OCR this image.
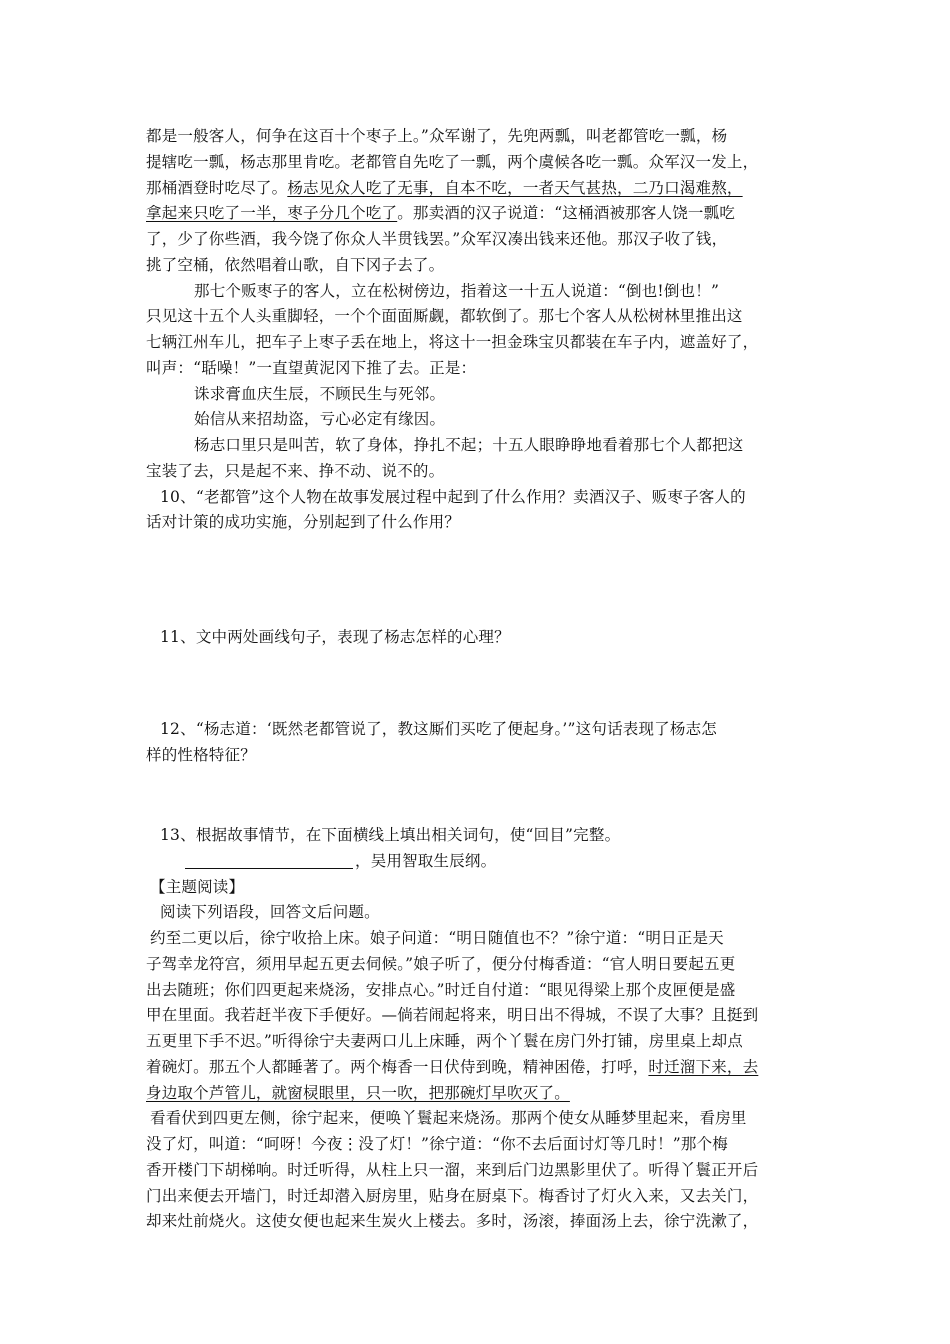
都是一般客人，何争在这百十个枣子上。”众军谢了，先兜两瓢，叫老都管吃一瓢，杨
提辖吃一瓢，杨志那里肯吃。老都管自先吃了一瓢，两个虞候各吃一瓢。众军汉一发上，
那桶酒登时吃尽了。杨志见众人吃了无事，自本不吃，一者天气甚热，二乃口渴难熬，
拿起来只吃了一半，枣子分几个吃了。那卖酒的汉子说道：“这桶酒被那客人饶一瓢吃
了，少了你些酒，我今饶了你众人半贯钱罢。”众军汉凑出钱来还他。那汉子收了钱，
挑了空桶，依然唱着山歌，自下冈子去了。
那七个贩枣子的客人，立在松树傍边，指着这一十五人说道：“倒也!倒也！”
只见这十五个人头重脚轻，一个个面面厮觑，都软倒了。那七个客人从松树林里推出这
七辆江州车儿，把车子上枣子丢在地上，将这十一担金珠宝贝都装在车子内，遮盖好了，
叫声：“聒噪！”一直望黄泥冈下推了去。正是：
诛求膏血庆生辰，不顾民生与死邻。
始信从来招劫盗，亏心必定有缘因。
杨志口里只是叫苦，软了身体，挣扎不起；十五人眼睁睁地看着那七个人都把这
宝装了去，只是起不来、挣不动、说不的。
10、“老都管”这个人物在故事发展过程中起到了什么作用？卖酒汉子、贩枣子客人的
话对计策的成功实施，分别起到了什么作用？
11、文中两处画线句子，表现了杨志怎样的心理？
12、“杨志道：‘既然老都管说了，教这厮们买吃了便起身。’”这句话表现了杨志怎
样的性格特征？
13、根据故事情节，在下面横线上填出相关词句，使“回目”完整。
，吴用智取生辰纲。
【主题阅读】
阅读下列语段，回答文后问题。
约至二更以后，徐宁收拾上床。娘子问道：“明日随值也不？”徐宁道：“明日正是天
子驾幸龙符宫，须用早起五更去伺候。”娘子听了，便分付梅香道：“官人明日要起五更
出去随班；你们四更起来烧汤，安排点心。”时迁自付道：“眼见得梁上那个皮匣便是盛
甲在里面。我若赶半夜下手便好。—倘若闹起将来，明日出不得城，不误了大事？且挺到
五更里下手不迟。”听得徐宁夫妻两口儿上床睡，两个丫鬟在房门外打铺，房里桌上却点
着碗灯。那五个人都睡著了。两个梅香一日伏侍到晚，精神困倦，打呼，时迁溜下来，去
身边取个芦管儿，就窗棂眼里，只一吹，把那碗灯早吹灭了。
看看伏到四更左侧，徐宁起来，便唤丫鬟起来烧汤。那两个使女从睡梦里起来，看房里
没了灯，叫道：“呵呀！今夜⋮没了灯！”徐宁道：“你不去后面讨灯等几时！”那个梅
香开楼门下胡梯响。时迁听得，从柱上只一溜，来到后门边黑影里伏了。听得丫鬟正开后
门出来便去开墙门，时迁却潜入厨房里，贴身在厨桌下。梅香讨了灯火入来，又去关门，
却来灶前烧火。这使女便也起来生炭火上楼去。多时，汤滚，捧面汤上去，徐宁洗漱了，
